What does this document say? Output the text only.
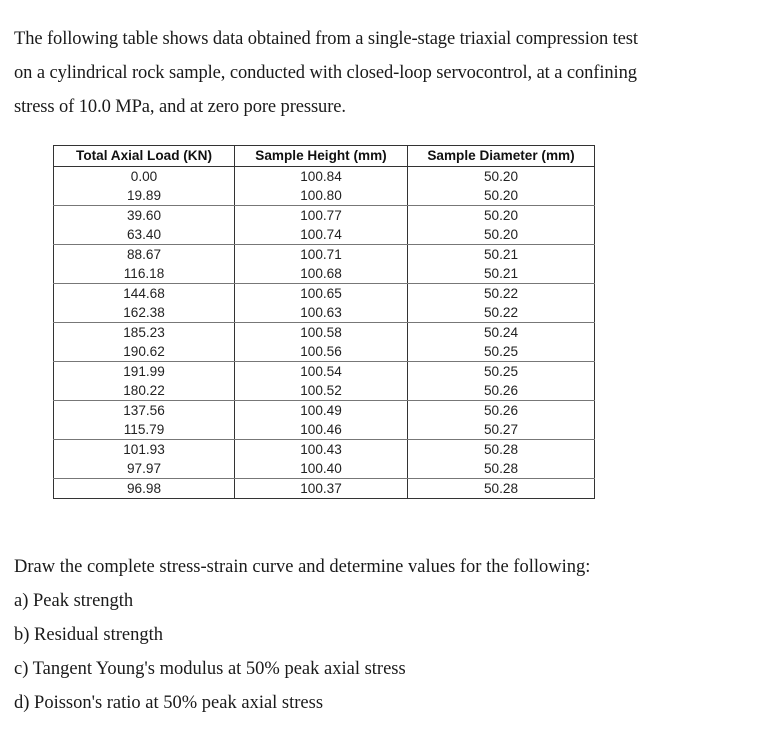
The following table shows data obtained from a single-stage triaxial compression test

on a cylindrical rock sample, conducted with closed-loop servocontrol, at a confining

stress of 10.0 MPa, and at zero pore pressure.

Total Axial Load (KN)	Sample Height (mm)	Sample Diameter (mm)
0.00	100.84	50.20
19.89	100.80	50.20
39.60	100.77	50.20
63.40	100.74	50.20
88.67	100.71	50.21
116.18	100.68	50.21
144.68	100.65	50.22
162.38	100.63	50.22
185.23	100.58	50.24
190.62	100.56	50.25
191.99	100.54	50.25
180.22	100.52	50.26
137.56	100.49	50.26
115.79	100.46	50.27
101.93	100.43	50.28
97.97	100.40	50.28
96.98	100.37	50.28

Draw the complete stress-strain curve and determine values for the following:

a) Peak strength

b) Residual strength

c) Tangent Young's modulus at 50% peak axial stress

d) Poisson's ratio at 50% peak axial stress
